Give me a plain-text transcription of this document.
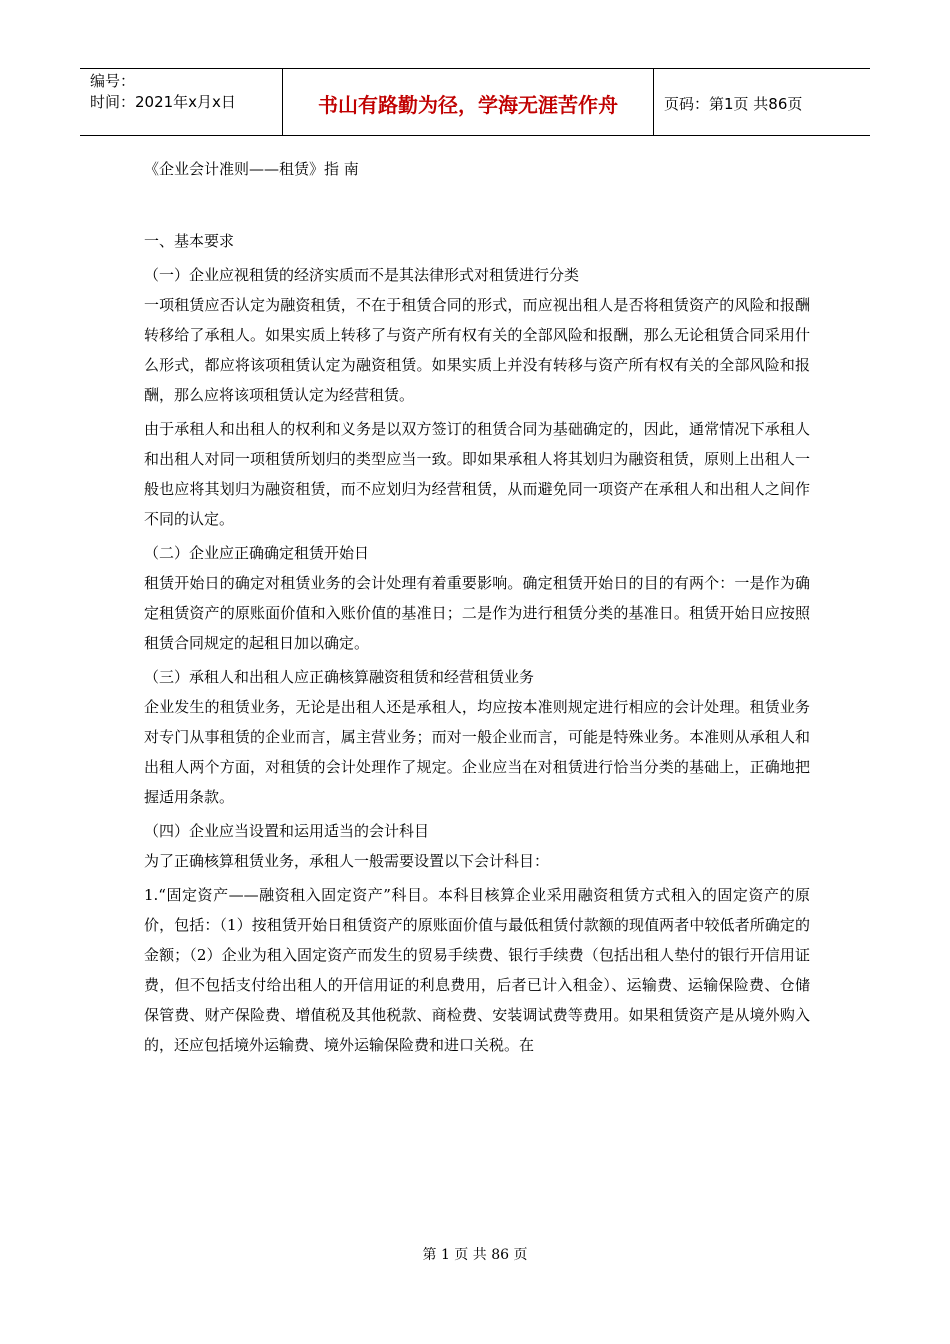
编号：
时间：2021年x月x日	书山有路勤为径，学海无涯苦作舟	页码：第1页 共86页
《企业会计准则——租赁》指 南

一、基本要求

（一）企业应视租赁的经济实质而不是其法律形式对租赁进行分类

一项租赁应否认定为融资租赁，不在于租赁合同的形式，而应视出租人是否将租赁资产的风险和报酬转移给了承租人。如果实质上转移了与资产所有权有关的全部风险和报酬，那么无论租赁合同采用什么形式，都应将该项租赁认定为融资租赁。如果实质上并没有转移与资产所有权有关的全部风险和报酬，那么应将该项租赁认定为经营租赁。

由于承租人和出租人的权利和义务是以双方签订的租赁合同为基础确定的，因此，通常情况下承租人和出租人对同一项租赁所划归的类型应当一致。即如果承租人将其划归为融资租赁，原则上出租人一般也应将其划归为融资租赁，而不应划归为经营租赁，从而避免同一项资产在承租人和出租人之间作不同的认定。

（二）企业应正确确定租赁开始日

租赁开始日的确定对租赁业务的会计处理有着重要影响。确定租赁开始日的目的有两个：一是作为确定租赁资产的原账面价值和入账价值的基准日；二是作为进行租赁分类的基准日。租赁开始日应按照租赁合同规定的起租日加以确定。

（三）承租人和出租人应正确核算融资租赁和经营租赁业务

企业发生的租赁业务，无论是出租人还是承租人，均应按本准则规定进行相应的会计处理。租赁业务对专门从事租赁的企业而言，属主营业务；而对一般企业而言，可能是特殊业务。本准则从承租人和出租人两个方面，对租赁的会计处理作了规定。企业应当在对租赁进行恰当分类的基础上，正确地把握适用条款。

（四）企业应当设置和运用适当的会计科目

为了正确核算租赁业务，承租人一般需要设置以下会计科目：

1.“固定资产——融资租入固定资产”科目。本科目核算企业采用融资租赁方式租入的固定资产的原价，包括：（1）按租赁开始日租赁资产的原账面价值与最低租赁付款额的现值两者中较低者所确定的金额；（2）企业为租入固定资产而发生的贸易手续费、银行手续费（包括出租人垫付的银行开信用证费，但不包括支付给出租人的开信用证的利息费用，后者已计入租金）、运输费、运输保险费、仓储保管费、财产保险费、增值税及其他税款、商检费、安装调试费等费用。如果租赁资产是从境外购入的，还应包括境外运输费、境外运输保险费和进口关税。在

第 1 页 共 86 页
